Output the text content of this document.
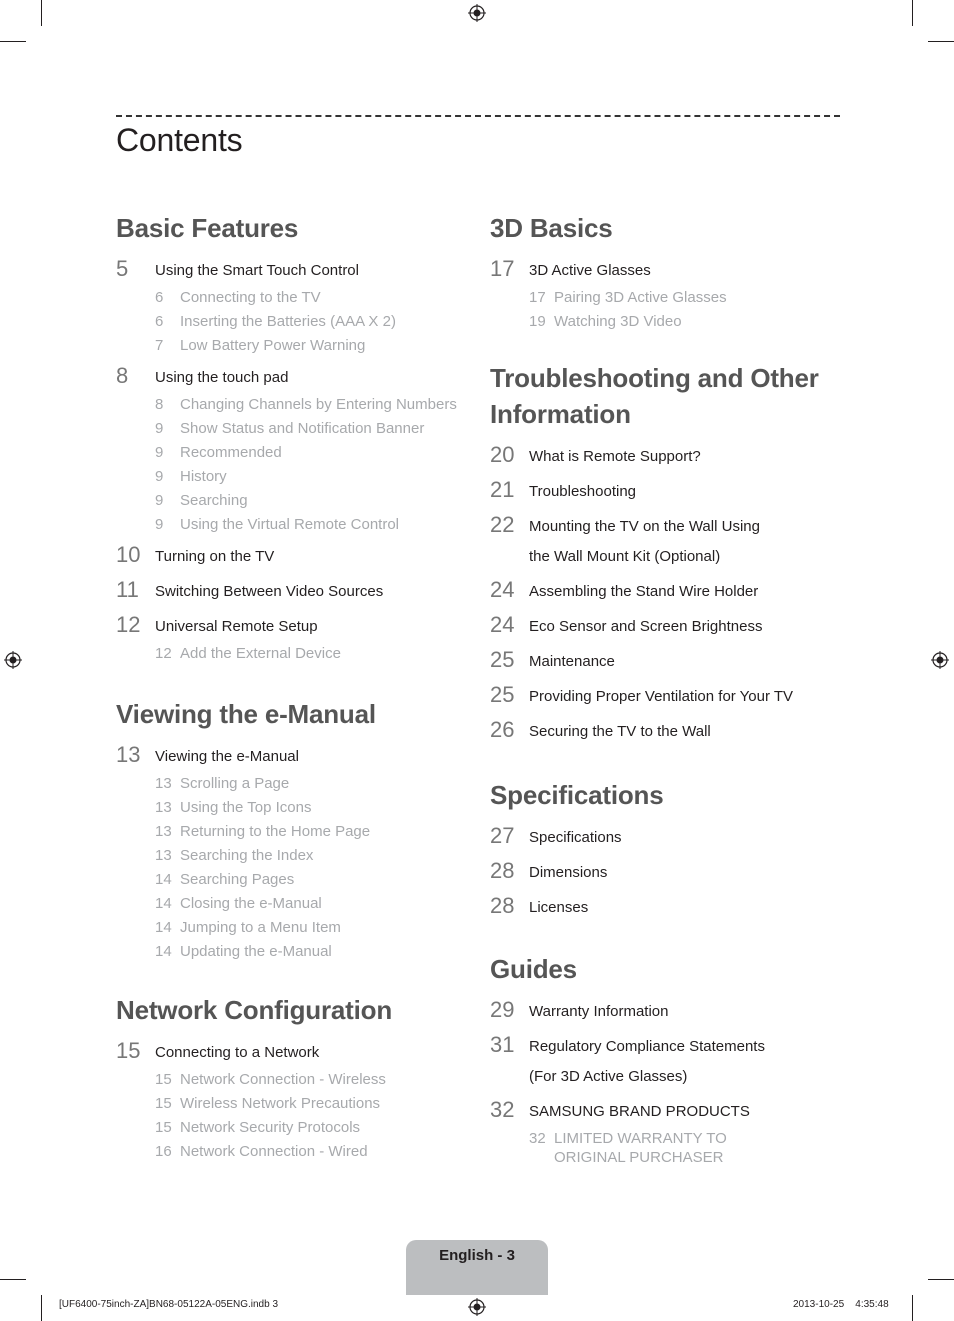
Contents
Basic Features
5	Using the Smart Touch Control
6 Connecting to the TV
6 Inserting the Batteries (AAA X 2)
7 Low Battery Power Warning
8	Using the touch pad
8 Changing Channels by Entering Numbers
9 Show Status and Notification Banner
9 Recommended
9 History
9 Searching
9 Using the Virtual Remote Control
10 Turning on the TV
11	Switching Between Video Sources
12 Universal Remote Setup
12 Add the External Device
Viewing the e-Manual
13 Viewing the e-Manual
13 Scrolling a Page
13 Using the Top Icons
13 Returning to the Home Page
13 Searching the Index
14 Searching Pages
14 Closing the e-Manual
14 Jumping to a Menu Item
14 Updating the e-Manual
Network Configuration
15 Connecting to a Network
15 Network Connection - Wireless
15 Wireless Network Precautions
15 Network Security Protocols
16 Network Connection - Wired
3D Basics
17 3D Active Glasses
17 Pairing 3D Active Glasses
19 Watching 3D Video
Troubleshooting and Other Information
20 What is Remote Support?
21 Troubleshooting
22 Mounting the TV on the Wall Using
the Wall Mount Kit (Optional)
24 Assembling the Stand Wire Holder
24 Eco Sensor and Screen Brightness
25 Maintenance
25 Providing Proper Ventilation for Your TV
26 Securing the TV to the Wall
Specifications
27 Specifications
28 Dimensions
28 Licenses
Guides
29 Warranty Information
31 Regulatory Compliance Statements
(For 3D Active Glasses)
32 SAMSUNG BRAND PRODUCTS
32 LIMITED WARRANTY TO
ORIGINAL PURCHASER
English - 3
[UF6400-75inch-ZA]BN68-05122A-05ENG.indb 3	2013-10-25    4:35:48
